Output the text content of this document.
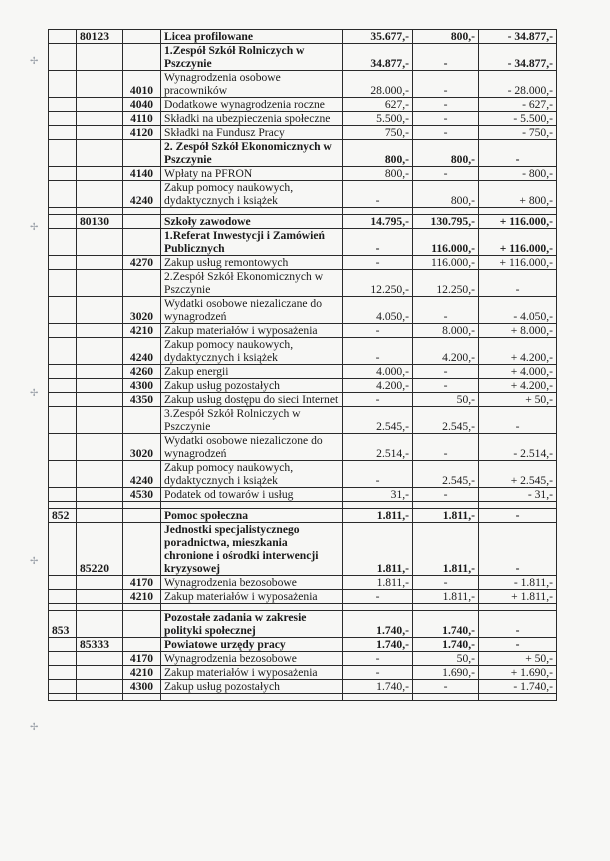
✢
✢
✢
✢
✢
	80123		Licea profilowane	35.677,-	800,-	- 34.877,-
			1.Zespół Szkół Rolniczych w Pszczynie	34.877,-	-	- 34.877,-
		4010	Wynagrodzenia osobowe pracowników	28.000,-	-	- 28.000,-
		4040	Dodatkowe wynagrodzenia roczne	627,-	-	- 627,-
		4110	Składki na ubezpieczenia społeczne	5.500,-	-	- 5.500,-
		4120	Składki na Fundusz Pracy	750,-	-	- 750,-
			2. Zespół Szkół Ekonomicznych w Pszczynie	800,-	800,-	-
		4140	Wpłaty na PFRON	800,-	-	- 800,-
		4240	Zakup pomocy naukowych, dydaktycznych i książek	-	800,-	+ 800,-

	80130		Szkoły zawodowe	14.795,-	130.795,-	+ 116.000,-
			1.Referat Inwestycji i Zamówień Publicznych	-	116.000,-	+ 116.000,-
		4270	Zakup usług remontowych	-	116.000,-	+ 116.000,-
			2.Zespół Szkół Ekonomicznych w Pszczynie	12.250,-	12.250,-	-
		3020	Wydatki osobowe niezaliczane do wynagrodzeń	4.050,-	-	- 4.050,-
		4210	Zakup materiałów i wyposażenia	-	8.000,-	+ 8.000,-
		4240	Zakup pomocy naukowych, dydaktycznych i książek	-	4.200,-	+ 4.200,-
		4260	Zakup energii	4.000,-	-	+ 4.000,-
		4300	Zakup usług pozostałych	4.200,-	-	+ 4.200,-
		4350	Zakup usług dostępu do sieci Internet	-	50,-	+ 50,-
			3.Zespół Szkół Rolniczych w Pszczynie	2.545,-	2.545,-	-
		3020	Wydatki osobowe niezaliczone do wynagrodzeń	2.514,-	-	- 2.514,-
		4240	Zakup pomocy naukowych, dydaktycznych i książek	-	2.545,-	+ 2.545,-
		4530	Podatek od towarów i usług	31,-	-	- 31,-

852			Pomoc społeczna	1.811,-	1.811,-	-
	85220		Jednostki specjalistycznego poradnictwa, mieszkania chronione i ośrodki interwencji kryzysowej	1.811,-	1.811,-	-
		4170	Wynagrodzenia bezosobowe	1.811,-	-	- 1.811,-
		4210	Zakup materiałów i wyposażenia	-	1.811,-	+ 1.811,-

853			Pozostałe zadania w zakresie polityki społecznej	1.740,-	1.740,-	-
	85333		Powiatowe urzędy pracy	1.740,-	1.740,-	-
		4170	Wynagrodzenia bezosobowe	-	50,-	+ 50,-
		4210	Zakup materiałów i wyposażenia	-	1.690,-	+ 1.690,-
		4300	Zakup usług pozostałych	1.740,-	-	- 1.740,-
